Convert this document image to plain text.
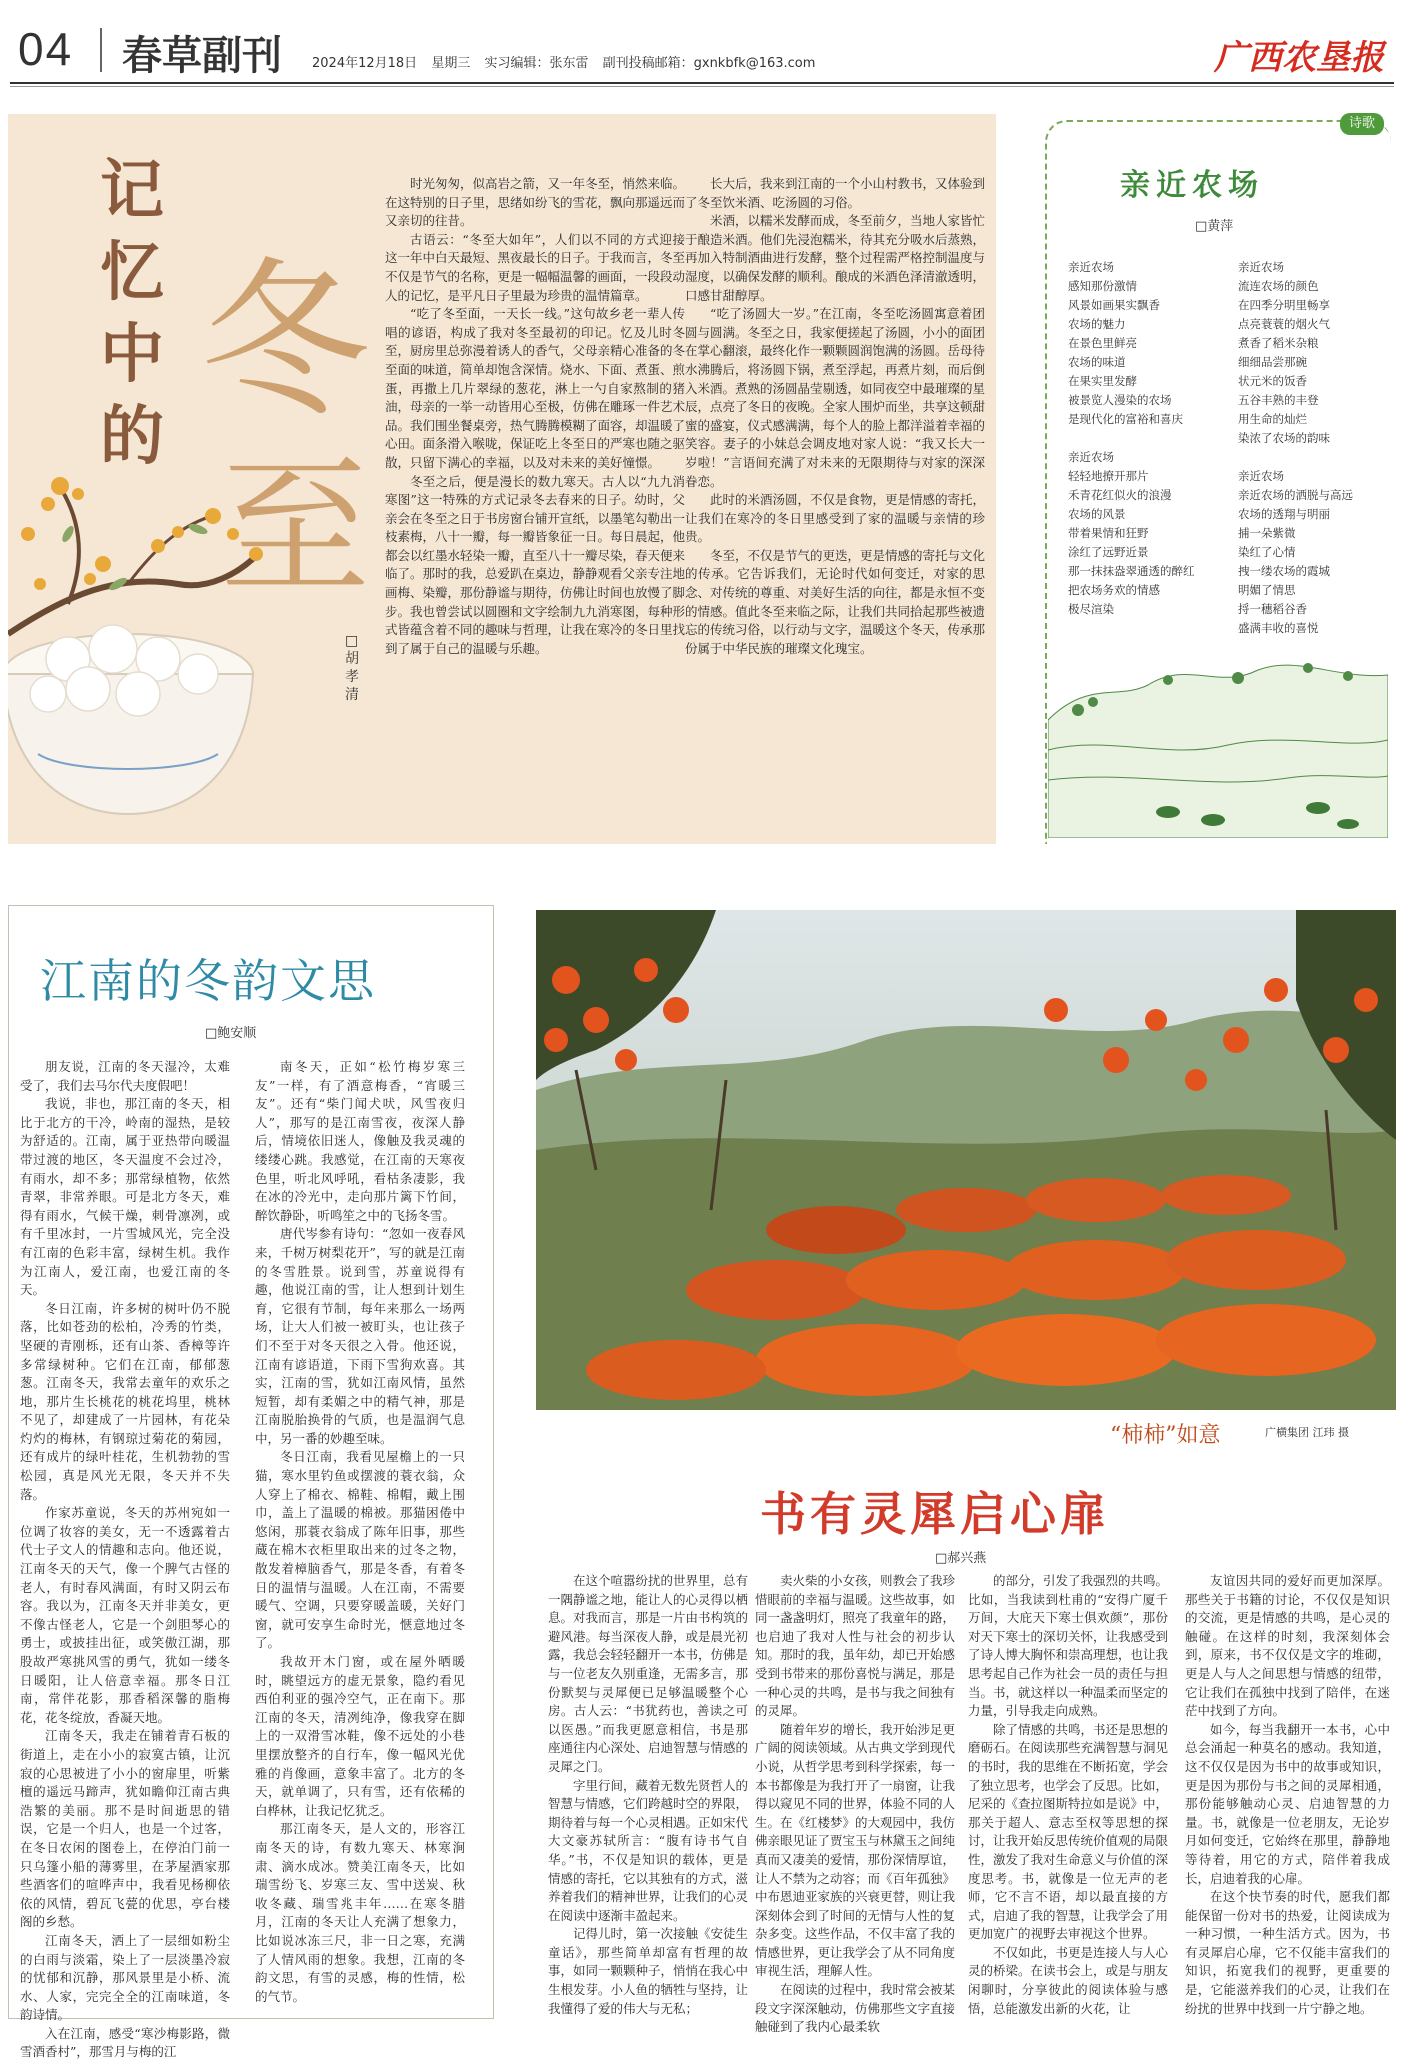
04 春草副刊 2024年12月18日 星期三 实习编辑：张东雷 副刊投稿邮箱：gxnkbfk@163.com	广西农垦报
记忆中的 冬
至
□胡孝清

时光匆匆，似高岩之箭，又一年冬至，悄然来临。在这特别的日子里，思绪如纷飞的雪花，飘向那遥远而又亲切的往昔。

古语云：“冬至大如年”，人们以不同的方式迎接这一年中白天最短、黑夜最长的日子。于我而言，冬至不仅是节气的名称，更是一幅幅温馨的画面，一段段动人的记忆，是平凡日子里最为珍贵的温情篇章。

“吃了冬至面，一天长一线。”这句故乡老一辈人传唱的谚语，构成了我对冬至最初的印记。忆及儿时冬至，厨房里总弥漫着诱人的香气，父母亲精心准备的冬至面的味道，简单却饱含深情。烧水、下面、煮蛋、煎蛋，再撒上几片翠绿的葱花，淋上一勺自家熬制的猪油，母亲的一举一动皆用心至极，仿佛在雕琢一件艺术品。我们围坐餐桌旁，热气腾腾模糊了面容，却温暖了心田。面条滑入喉咙，保证吃上冬至日的严寒也随之驱散，只留下满心的幸福，以及对未来的美好憧憬。

冬至之后，便是漫长的数九寒天。古人以“九九消寒图”这一特殊的方式记录冬去春来的日子。幼时，父亲会在冬至之日于书房窗台铺开宣纸，以墨笔勾勒出一枝素梅，八十一瓣，每一瓣皆象征一日。每日晨起，他都会以红墨水轻染一瓣，直至八十一瓣尽染，春天便来临了。那时的我，总爱趴在桌边，静静观看父亲专注地画梅、染瓣，那份静谧与期待，仿佛让时间也放慢了脚步。我也曾尝试以圆圈和文字绘制九九消寒图，每种形式皆蕴含着不同的趣味与哲理，让我在寒冷的冬日里找到了属于自己的温暖与乐趣。

长大后，我来到江南的一个小山村教书，又体验到了冬至饮米酒、吃汤圆的习俗。

米酒，以糯米发酵而成，冬至前夕，当地人家皆忙于酿造米酒。他们先浸泡糯米，待其充分吸水后蒸熟，再加入特制酒曲进行发酵，整个过程需严格控制温度与湿度，以确保发酵的顺利。酿成的米酒色泽清澈透明，口感甘甜醇厚。

“吃了汤圆大一岁。”在江南，冬至吃汤圆寓意着团圆与圆满。冬至之日，我家便搓起了汤圆，小小的面团在掌心翻滚，最终化作一颗颗圆润饱满的汤圆。岳母待水沸腾后，将汤圆下锅，煮至浮起，再煮片刻，而后倒入米酒。煮熟的汤圆晶莹剔透，如同夜空中最璀璨的星辰，点亮了冬日的夜晚。全家人围炉而坐，共享这顿甜蜜的盛宴，仪式感满满，每个人的脸上都洋溢着幸福的笑容。妻子的小妹总会调皮地对家人说：“我又长大一岁啦！”言语间充满了对未来的无限期待与对家的深深眷恋。

此时的米酒汤圆，不仅是食物，更是情感的寄托，让我们在寒冷的冬日里感受到了家的温暖与亲情的珍贵。

冬至，不仅是节气的更迭，更是情感的寄托与文化的传承。它告诉我们，无论时代如何变迁，对家的思念、对传统的尊重、对美好生活的向往，都是永恒不变的情感。值此冬至来临之际，让我们共同拾起那些被遗忘的传统习俗，以行动与文字，温暖这个冬天，传承那份属于中华民族的璀璨文化瑰宝。

诗歌
亲近农场
□黄萍
亲近农场
感知那份激情
风景如画果实飘香
农场的魅力
在景色里鲜亮
农场的味道
在果实里发酵
被景览人漫染的农场
是现代化的富裕和喜庆
亲近农场
轻轻地撩开那片
禾青花红似火的浪漫
农场的风景
带着果情和狂野
涂红了远野近景
那一抹抹盎翠通透的醉红
把农场务欢的情感
极尽渲染
亲近农场
流连农场的颜色
在四季分明里畅享
点亮蓑蓑的烟火气
煮香了稻米杂粮
细细品尝那碗
状元米的饭香
五谷丰熟的丰登
用生命的灿烂
染浓了农场的韵味
亲近农场
亲近农场的洒脱与高远
农场的透翔与明丽
捕一朵紫微
染红了心情
拽一缕农场的霞城
明媚了情思
捋一穗稻谷香
盛满丰收的喜悦
江南的冬韵文思
□鲍安顺

朋友说，江南的冬天湿冷，太难受了，我们去马尔代夫度假吧！

我说，非也，那江南的冬天，相比于北方的干冷，岭南的湿热，是较为舒适的。江南，属于亚热带向暖温带过渡的地区，冬天温度不会过冷，有雨水，却不多；那常绿植物，依然青翠，非常养眼。可是北方冬天，难得有雨水，气候干燥，刺骨凛冽，或有千里冰封，一片雪城风光，完全没有江南的色彩丰富，绿树生机。我作为江南人，爱江南，也爱江南的冬天。

冬日江南，许多树的树叶仍不脱落，比如苍劲的松柏，冷秀的竹类，坚硬的青刚栎，还有山茶、香樟等许多常绿树种。它们在江南，郁郁葱葱。江南冬天，我常去童年的欢乐之地，那片生长桃花的桃花坞里，桃林不见了，却建成了一片园林，有花朵灼灼的梅林，有钢琼过菊花的菊园，还有成片的绿叶桂花，生机勃勃的雪松园，真是风光无限，冬天并不失落。

作家苏童说，冬天的苏州宛如一位调了妆容的美女，无一不透露着古代士子文人的情趣和志向。他还说，江南冬天的天气，像一个脾气古怪的老人，有时春风满面，有时又阴云布容。我以为，江南冬天并非美女，更不像古怪老人，它是一个剑胆琴心的勇士，或披挂出征，或笑傲江湖，那股故严寒挑风雪的勇气，犹如一缕冬日暖阳，让人倍意幸福。那冬日江南，常伴花影，那香稻深馨的脂梅花，花冬绽放，香凝天地。

江南冬天，我走在铺着青石板的街道上，走在小小的寂寞古镇，让沉寂的心思被进了小小的窗扉里，听紫檀的遥远马蹄声，犹如瞻仰江南古典浩繁的美丽。那不是时间逝思的错误，它是一个归人，也是一个过客，在冬日农闲的图卷上，在停泊门前一只乌篷小船的薄雾里，在茅屋酒家那些酒客们的喧哗声中，我看见杨柳依依的风情，碧瓦飞甍的优思，亭台楼阁的乡愁。

江南冬天，洒上了一层细如粉尘的白雨与淡霜，染上了一层淡墨冷寂的忧郁和沉静，那风景里是小桥、流水、人家，完完全全的江南味道，冬韵诗情。

入在江南，感受“寒沙梅影路，微雪酒香村”，那雪月与梅的江

南冬天，正如“松竹梅岁寒三友”一样，有了酒意梅香，“宵暖三友”。还有“柴门闻犬吠，风雪夜归人”，那写的是江南雪夜，夜深人静后，情境依旧迷人，像触及我灵魂的缕缕心跳。我感觉，在江南的天寒夜色里，听北风呼吼，看枯条凄影，我在冰的冷光中，走向那片篱下竹间，醉饮静卧，听鸣笙之中的飞扬冬雪。

唐代岑参有诗句：“忽如一夜春风来，千树万树梨花开”，写的就是江南的冬雪胜景。说到雪，苏童说得有趣，他说江南的雪，让人想到计划生育，它很有节制，每年来那么一场两场，让大人们被一被盯头，也让孩子们不至于对冬天很之入骨。他还说，江南有谚语道，下雨下雪狗欢喜。其实，江南的雪，犹如江南风情，虽然短暂，却有柔媚之中的精气神，那是江南脱胎换骨的气质，也是温润气息中，另一番的妙趣至味。

冬日江南，我看见屋檐上的一只猫，寒水里钓鱼或摆渡的蓑衣翁，众人穿上了棉衣、棉鞋、棉帽，戴上围巾，盖上了温暖的棉被。那猫困倦中悠闲，那蓑衣翁成了陈年旧事，那些蔵在棉木衣柜里取出来的过冬之物，散发着樟脑香气，那是冬香，有着冬日的温情与温暖。人在江南，不需要暖气、空调，只要穿暖盖暖，关好门窗，就可安享生命时光，惬意地过冬了。

我故开木门窗，或在屋外晒暖时，眺望远方的虚无景象，隐约看见西伯利亚的强冷空气，正在南下。那江南的冬天，清冽纯净，像我穿在脚上的一双滑雪冰鞋，像不远处的小巷里摆放整齐的自行车，像一幅风光优雅的肖像画，意象丰富了。北方的冬天，就单调了，只有雪，还有依稀的白桦林，让我记忆犹乏。

那江南冬天，是人文的，形容江南冬天的诗，有数九寒天、林寒涧肃、滴水成冰。赞美江南冬天，比如瑞雪纷飞、岁寒三友、雪中送炭、秋收冬藏、瑞雪兆丰年……在寒冬腊月，江南的冬天让人充满了想象力，比如说冰冻三尺，非一日之寒，充满了人情风雨的想象。我想，江南的冬韵文思，有雪的灵感，梅的性情，松的气节。

“柿柿”如意	广横集团 江玮 摄
书有灵犀启心扉
□郝兴燕

在这个喧嚣纷扰的世界里，总有一隅静谧之地，能让人的心灵得以栖息。对我而言，那是一片由书构筑的避风港。每当深夜人静，或是晨光初露，我总会轻轻翻开一本书，仿佛是与一位老友久别重逢，无需多言，那份默契与灵犀便已足够温暖整个心房。古人云：“书犹药也，善读之可以医愚。”而我更愿意相信，书是那座通往内心深处、启迪智慧与情感的灵犀之门。

字里行间，藏着无数先贤哲人的智慧与情感，它们跨越时空的界限，期待着与每一个心灵相遇。正如宋代大文豪苏轼所言：“腹有诗书气自华。”书，不仅是知识的载体，更是情感的寄托，它以其独有的方式，滋养着我们的精神世界，让我们的心灵在阅读中逐渐丰盈起来。

记得儿时，第一次接触《安徒生童话》，那些简单却富有哲理的故事，如同一颗颗种子，悄悄在我心中生根发芽。小人鱼的牺牲与坚持，让我懂得了爱的伟大与无私；

卖火柴的小女孩，则教会了我珍惜眼前的幸福与温暖。这些故事，如同一盏盏明灯，照亮了我童年的路，也启迪了我对人性与社会的初步认知。那时的我，虽年幼，却已开始感受到书带来的那份喜悦与满足，那是一种心灵的共鸣，是书与我之间独有的灵犀。

随着年岁的增长，我开始涉足更广阔的阅读领域。从古典文学到现代小说，从哲学思考到科学探索，每一本书都像是为我打开了一扇窗，让我得以窥见不同的世界，体验不同的人生。在《红楼梦》的大观园中，我仿佛亲眼见证了贾宝玉与林黛玉之间纯真而又凄美的爱情，那份深情厚谊，让人不禁为之动容；而《百年孤独》中布恩迪亚家族的兴衰更替，则让我深刻体会到了时间的无情与人性的复杂多变。这些作品，不仅丰富了我的情感世界，更让我学会了从不同角度审视生活，理解人性。

在阅读的过程中，我时常会被某段文字深深触动，仿佛那些文字直接触碰到了我内心最柔软

的部分，引发了我强烈的共鸣。比如，当我读到杜甫的“安得广厦千万间，大庇天下寒士俱欢颜”，那份对天下寒士的深切关怀，让我感受到了诗人博大胸怀和崇高理想，也让我思考起自己作为社会一员的责任与担当。书，就这样以一种温柔而坚定的力量，引导我走向成熟。

除了情感的共鸣，书还是思想的磨砺石。在阅读那些充满智慧与洞见的书时，我的思维在不断拓宽，学会了独立思考，也学会了反思。比如，尼采的《查拉图斯特拉如是说》中，那关于超人、意志至权等思想的探讨，让我开始反思传统价值观的局限性，激发了我对生命意义与价值的深度思考。书，就像是一位无声的老师，它不言不语，却以最直接的方式，启迪了我的智慧，让我学会了用更加宽广的视野去审视这个世界。

不仅如此，书更是连接人与人心灵的桥梁。在读书会上，或是与朋友闲聊时，分享彼此的阅读体验与感悟，总能激发出新的火花，让

友谊因共同的爱好而更加深厚。那些关于书籍的讨论，不仅仅是知识的交流，更是情感的共鸣，是心灵的触碰。在这样的时刻，我深刻体会到，原来，书不仅仅是文字的堆砌，更是人与人之间思想与情感的纽带，它让我们在孤独中找到了陪伴，在迷茫中找到了方向。

如今，每当我翻开一本书，心中总会涌起一种莫名的感动。我知道，这不仅仅是因为书中的故事或知识，更是因为那份与书之间的灵犀相通，那份能够触动心灵、启迪智慧的力量。书，就像是一位老朋友，无论岁月如何变迁，它始终在那里，静静地等待着，用它的方式，陪伴着我成长，启迪着我的心扉。

在这个快节奏的时代，愿我们都能保留一份对书的热爱，让阅读成为一种习惯，一种生活方式。因为，书有灵犀启心扉，它不仅能丰富我们的知识，拓宽我们的视野，更重要的是，它能滋养我们的心灵，让我们在纷扰的世界中找到一片宁静之地。
